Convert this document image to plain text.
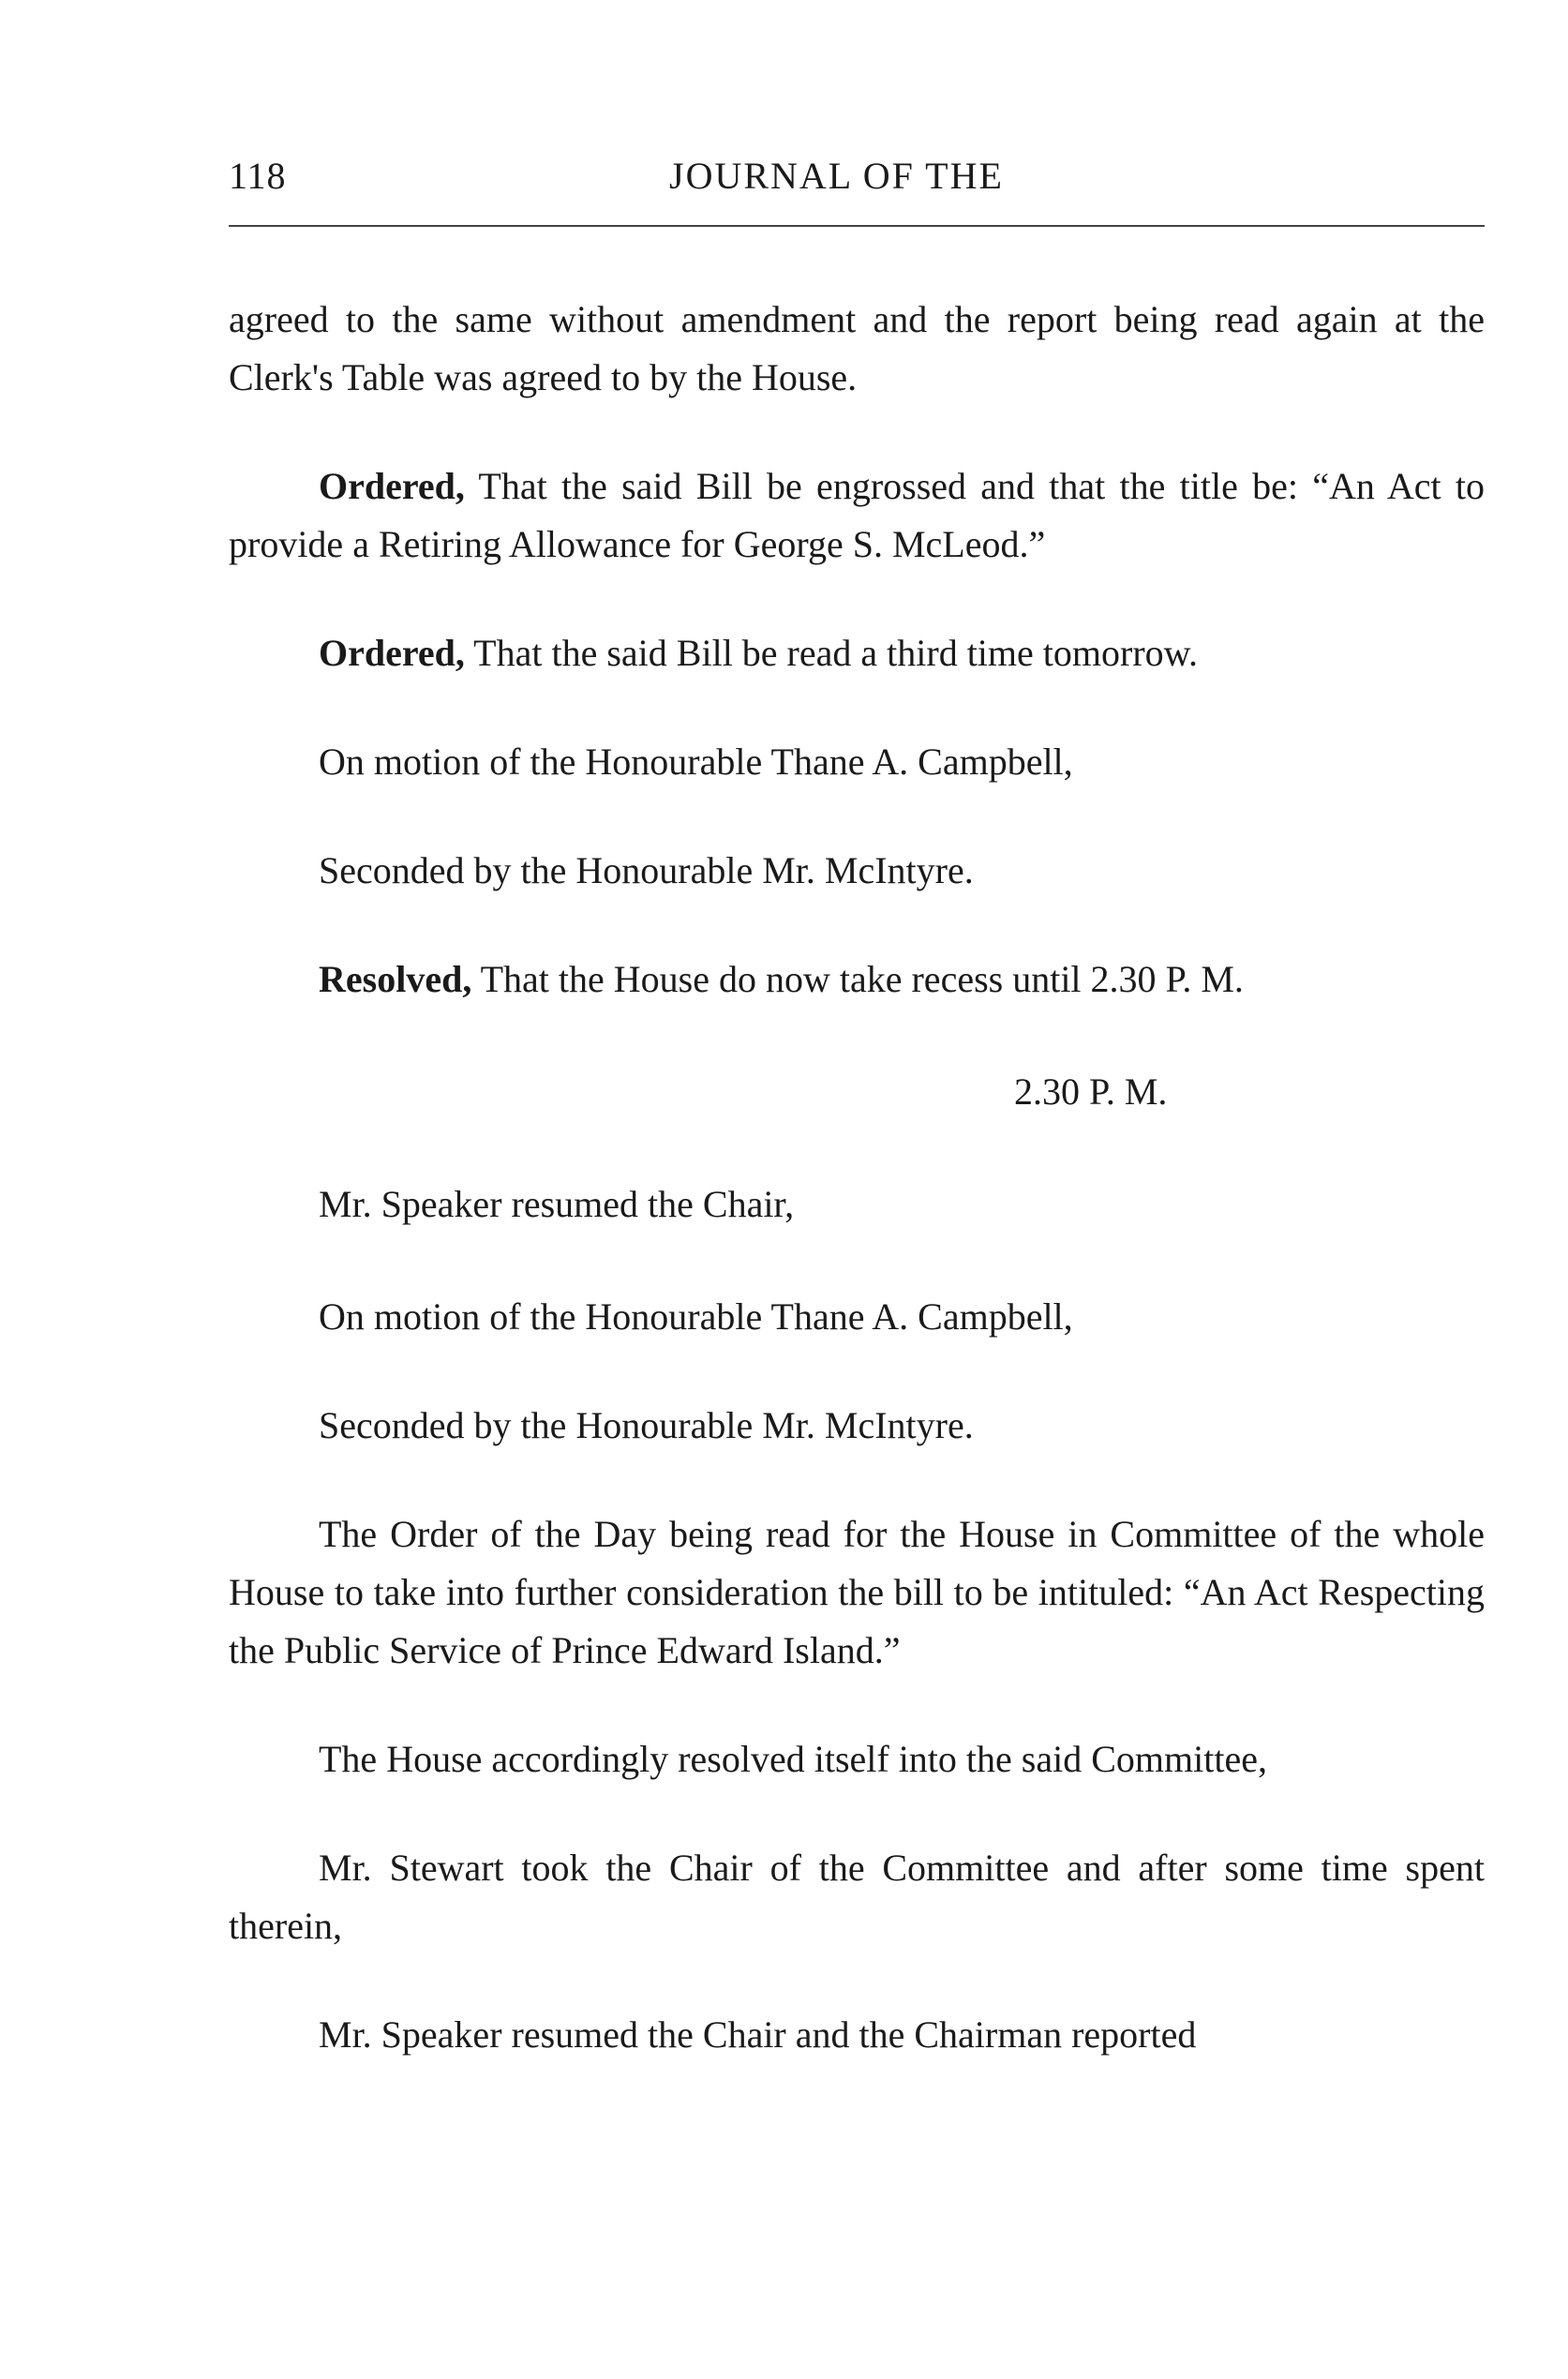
118	JOURNAL OF THE

agreed to the same without amendment and the report being read again at the Clerk's Table was agreed to by the House.

Ordered, That the said Bill be engrossed and that the title be: “An Act to provide a Retiring Allowance for George S. McLeod.”

Ordered, That the said Bill be read a third time tomorrow.

On motion of the Honourable Thane A. Campbell,

Seconded by the Honourable Mr. McIntyre.

Resolved, That the House do now take recess until 2.30 P. M.

2.30 P. M.

Mr. Speaker resumed the Chair,

On motion of the Honourable Thane A. Campbell,

Seconded by the Honourable Mr. McIntyre.

The Order of the Day being read for the House in Committee of the whole House to take into further consideration the bill to be intituled: “An Act Respecting the Public Service of Prince Edward Island.”

The House accordingly resolved itself into the said Committee,

Mr. Stewart took the Chair of the Committee and after some time spent therein,

Mr. Speaker resumed the Chair and the Chairman reported
